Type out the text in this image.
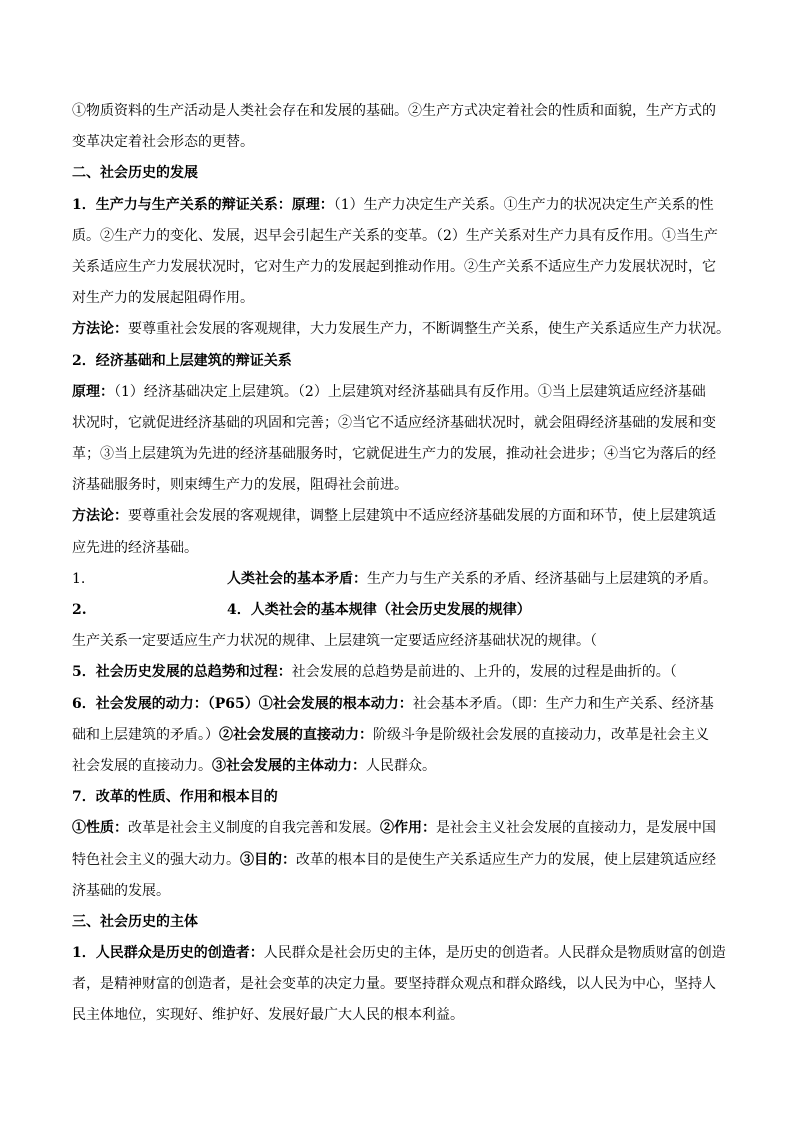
①物质资料的生产活动是人类社会存在和发展的基础。②生产方式决定着社会的性质和面貌，生产方式的
变革决定着社会形态的更替。
二、社会历史的发展
1．生产力与生产关系的辩证关系：原理：（1）生产力决定生产关系。①生产力的状况决定生产关系的性
质。②生产力的变化、发展，迟早会引起生产关系的变革。（2）生产关系对生产力具有反作用。①当生产
关系适应生产力发展状况时，它对生产力的发展起到推动作用。②生产关系不适应生产力发展状况时，它
对生产力的发展起阻碍作用。
方法论：要尊重社会发展的客观规律，大力发展生产力，不断调整生产关系，使生产关系适应生产力状况。
2．经济基础和上层建筑的辩证关系
原理：（1）经济基础决定上层建筑。（2）上层建筑对经济基础具有反作用。①当上层建筑适应经济基础
状况时，它就促进经济基础的巩固和完善；②当它不适应经济基础状况时，就会阻碍经济基础的发展和变
革；③当上层建筑为先进的经济基础服务时，它就促进生产力的发展，推动社会进步；④当它为落后的经
济基础服务时，则束缚生产力的发展，阻碍社会前进。
方法论：要尊重社会发展的客观规律，调整上层建筑中不适应经济基础发展的方面和环节，使上层建筑适
应先进的经济基础。
1.	人类社会的基本矛盾：生产力与生产关系的矛盾、经济基础与上层建筑的矛盾。
2.	4．人类社会的基本规律（社会历史发展的规律）
生产关系一定要适应生产力状况的规律、上层建筑一定要适应经济基础状况的规律。（
5．社会历史发展的总趋势和过程：社会发展的总趋势是前进的、上升的，发展的过程是曲折的。（
6．社会发展的动力：（P65）①社会发展的根本动力：社会基本矛盾。（即：生产力和生产关系、经济基
础和上层建筑的矛盾。）②社会发展的直接动力：阶级斗争是阶级社会发展的直接动力，改革是社会主义
社会发展的直接动力。③社会发展的主体动力：人民群众。
7．改革的性质、作用和根本目的
①性质：改革是社会主义制度的自我完善和发展。②作用：是社会主义社会发展的直接动力，是发展中国
特色社会主义的强大动力。③目的：改革的根本目的是使生产关系适应生产力的发展，使上层建筑适应经
济基础的发展。
三、社会历史的主体
1．人民群众是历史的创造者：人民群众是社会历史的主体，是历史的创造者。人民群众是物质财富的创造
者，是精神财富的创造者，是社会变革的决定力量。要坚持群众观点和群众路线，以人民为中心，坚持人
民主体地位，实现好、维护好、发展好最广大人民的根本利益。
